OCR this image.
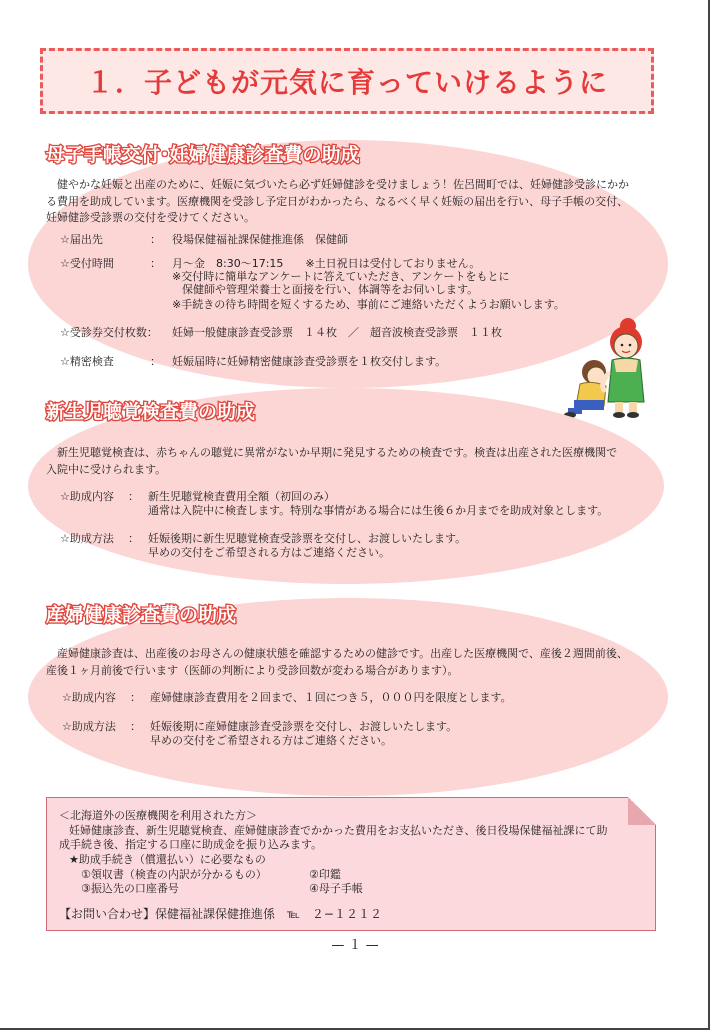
１．子どもが元気に育っていけるように
母子手帳交付･妊婦健康診査費の助成
健やかな妊娠と出産のために、妊娠に気づいたら必ず妊婦健診を受けましょう！佐呂間町では、妊婦健診受診にかか
る費用を助成しています。医療機関を受診し予定日がわかったら、なるべく早く妊娠の届出を行い、母子手帳の交付、
妊婦健診受診票の交付を受けてください。
☆届出先	： 役場保健福祉課保健推進係　保健師
☆受付時間	： 月～金　8:30～17:15　　※土日祝日は受付しておりません。
※交付時に簡単なアンケートに答えていただき、アンケートをもとに
保健師や管理栄養士と面接を行い、体調等をお伺いします。
※手続きの待ち時間を短くするため、事前にご連絡いただくようお願いします。
☆受診券交付枚数： 妊婦一般健康診査受診票　１４枚　／　超音波検査受診票　１１枚
☆精密検査	： 妊娠届時に妊婦精密健康診査受診票を１枚交付します。
新生児聴覚検査費の助成
新生児聴覚検査は、赤ちゃんの聴覚に異常がないか早期に発見するための検査です。検査は出産された医療機関で
入院中に受けられます。
☆助成内容 ： 新生児聴覚検査費用全額（初回のみ）
通常は入院中に検査します。特別な事情がある場合には生後６か月までを助成対象とします。
☆助成方法 ： 妊娠後期に新生児聴覚検査受診票を交付し、お渡しいたします。
早めの交付をご希望される方はご連絡ください。
産婦健康診査費の助成
産婦健康診査は、出産後のお母さんの健康状態を確認するための健診です。出産した医療機関で、産後２週間前後、
産後１ヶ月前後で行います（医師の判断により受診回数が変わる場合があります）。
☆助成内容 ： 産婦健康診査費用を２回まで、１回につき５，０００円を限度とします。
☆助成方法 ： 妊娠後期に産婦健康診査受診票を交付し、お渡しいたします。
早めの交付をご希望される方はご連絡ください。
＜北海道外の医療機関を利用された方＞
妊婦健康診査、新生児聴覚検査、産婦健康診査でかかった費用をお支払いただき、後日役場保健福祉課にて助
成手続き後、指定する口座に助成金を振り込みます。
★助成手続き（償還払い）に必要なもの
①領収書（検査の内訳が分かるもの）	②印鑑
③振込先の口座番号	④母子手帳
【お問い合わせ】保健福祉課保健推進係　℡　２−１２１２
— １ —
